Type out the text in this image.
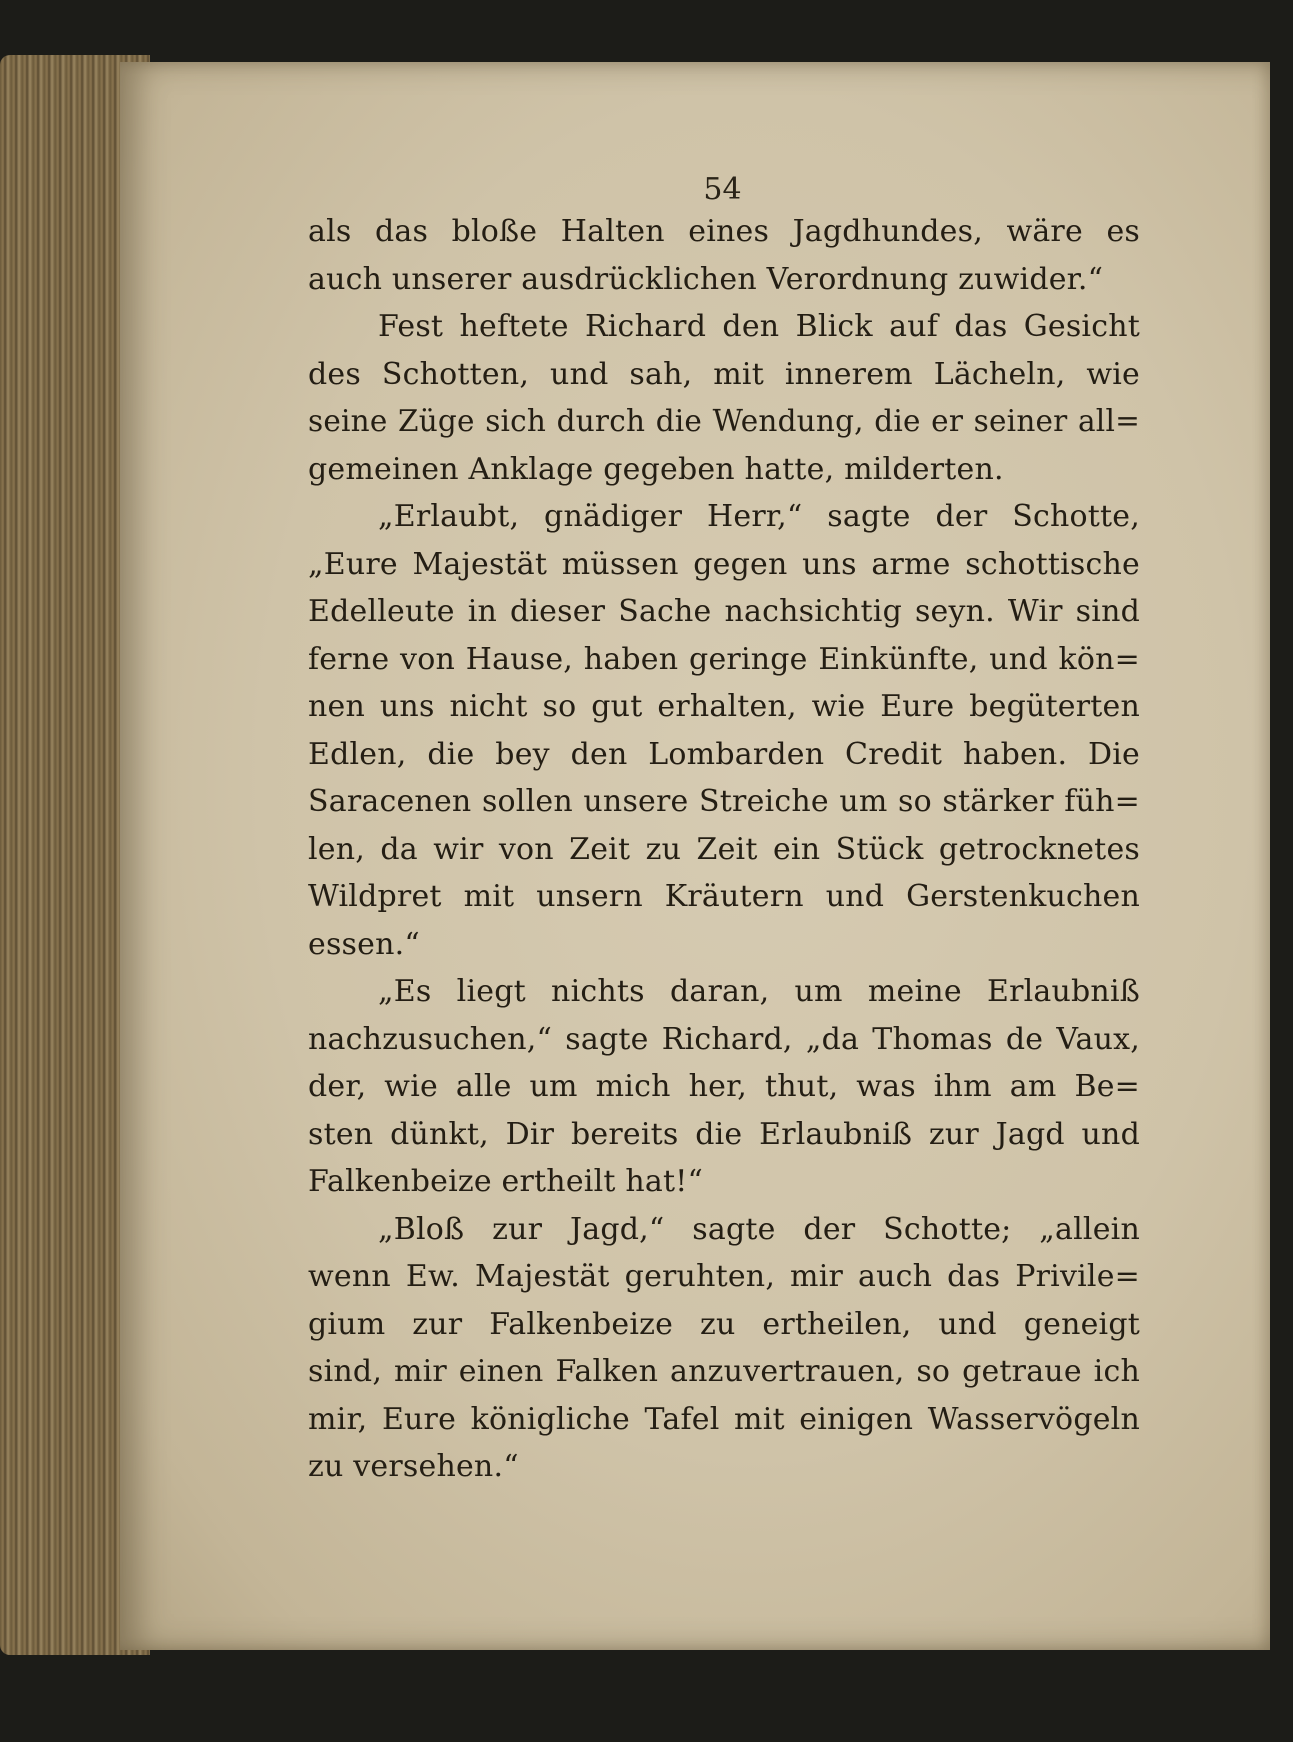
54
als das bloße Halten eines Jagdhundes, wäre es
auch unserer ausdrücklichen Verordnung zuwider.“
Fest heftete Richard den Blick auf das Gesicht
des Schotten, und sah, mit innerem Lächeln, wie
seine Züge sich durch die Wendung, die er seiner all=
gemeinen Anklage gegeben hatte, milderten.
„Erlaubt, gnädiger Herr,“ sagte der Schotte,
„Eure Majestät müssen gegen uns arme schottische
Edelleute in dieser Sache nachsichtig seyn. Wir sind
ferne von Hause, haben geringe Einkünfte, und kön=
nen uns nicht so gut erhalten, wie Eure begüterten
Edlen, die bey den Lombarden Credit haben. Die
Saracenen sollen unsere Streiche um so stärker füh=
len, da wir von Zeit zu Zeit ein Stück getrocknetes
Wildpret mit unsern Kräutern und Gerstenkuchen
essen.“
„Es liegt nichts daran, um meine Erlaubniß
nachzusuchen,“ sagte Richard, „da Thomas de Vaux,
der, wie alle um mich her, thut, was ihm am Be=
sten dünkt, Dir bereits die Erlaubniß zur Jagd und
Falkenbeize ertheilt hat!“
„Bloß zur Jagd,“ sagte der Schotte; „allein
wenn Ew. Majestät geruhten, mir auch das Privile=
gium zur Falkenbeize zu ertheilen, und geneigt
sind, mir einen Falken anzuvertrauen, so getraue ich
mir, Eure königliche Tafel mit einigen Wasservögeln
zu versehen.“
